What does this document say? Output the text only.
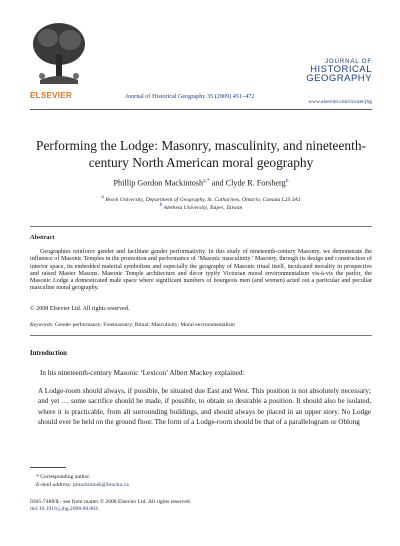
ELSEVIER	Journal of Historical Geography 35 (2009) 451–472
JOURNAL OF
HISTORICAL
GEOGRAPHY
www.elsevier.com/locate/jhg
Performing the Lodge: Masonry, masculinity, and nineteenth-century North American moral geography
Phillip Gordon Mackintosh$^{a,*}$ and Clyde R. Forsberg$^b$
$^a$ Brock University, Department of Geography, St. Catharines, Ontario, Canada L2S 3A1
$^b$ Aletheia University, Taipei, Taiwan
Abstract
Geographies reinforce gender and facilitate gender performativity. In this study of nineteenth-century Masonry, we demonstrate the influence of Masonic Temples in the promotion and performance of ‘Masonic masculinity.’ Masonry, through its design and construction of interior space, its embedded material symbolism and especially the geography of Masonic ritual itself, inculcated morality in prospective and raised Master Masons. Masonic Temple architecture and décor typify Victorian moral environmentalism vis-à-vis the parlor, the Masonic Lodge a domesticated male space where significant numbers of bourgeois men (and women) acted out a particular and peculiar masculine moral geography.
© 2008 Elsevier Ltd. All rights reserved.
Keywords: Gender performance; Freemasonry; Ritual; Masculinity; Moral environmentalism
Introduction
In his nineteenth-century Masonic ‘Lexicon’ Albert Mackey explained:
A Lodge-room should always, if possible, be situated due East and West. This position is not absolutely necessary; and yet … some sacrifice should be made, if possible, to obtain so desirable a position. It should also be isolated, where it is practicable, from all surrounding buildings, and should always be placed in an upper story. No Lodge should ever be held on the ground floor. The form of a Lodge-room should be that of a parallelogram or Oblong
* Corresponding author.
E-mail address: pmackintosh@brocku.ca
0305-7488/$ - see front matter © 2008 Elsevier Ltd. All rights reserved.
doi:10.1016/j.jhg.2008.08.004
